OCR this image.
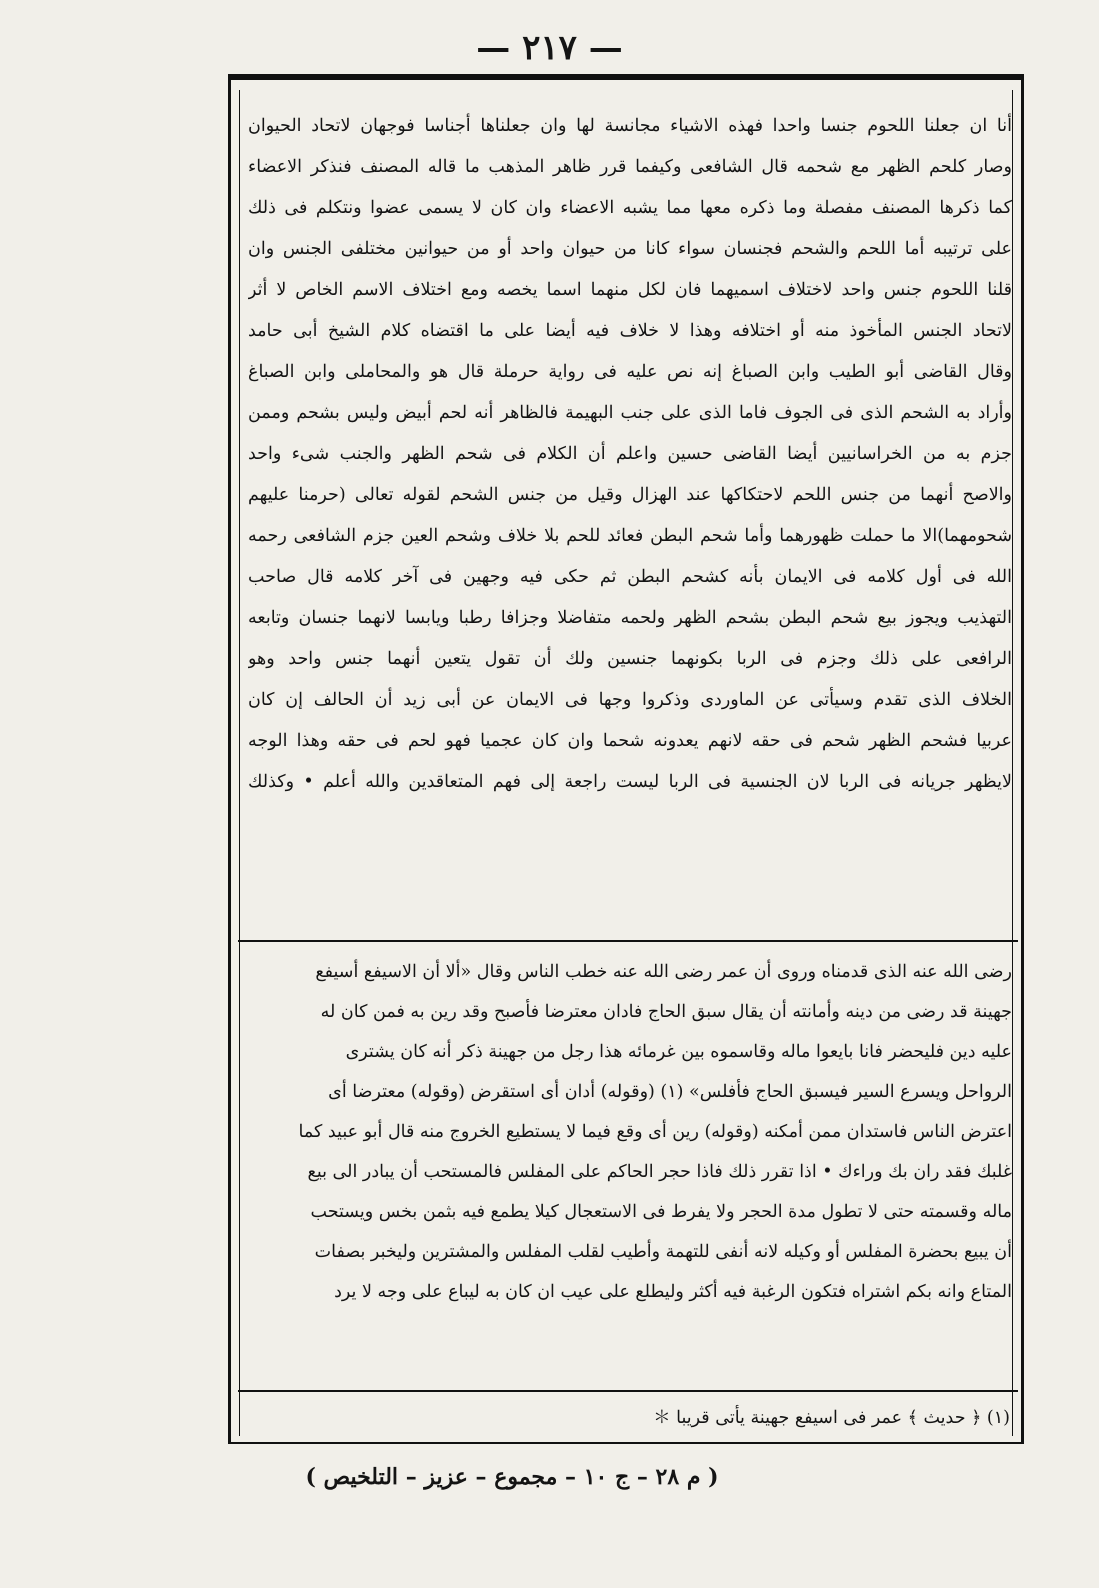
— ٢١٧ —
أنا ان جعلنا اللحوم جنسا واحدا فهذه الاشياء مجانسة لها وان جعلناها أجناسا فوجهان لاتحاد الحيوان
وصار كلحم الظهر مع شحمه قال الشافعى وكيفما قرر ظاهر المذهب ما قاله المصنف فنذكر الاعضاء
كما ذكرها المصنف مفصلة وما ذكره معها مما يشبه الاعضاء وان كان لا يسمى عضوا ونتكلم فى ذلك
على ترتيبه أما اللحم والشحم فجنسان سواء كانا من حيوان واحد أو من حيوانين مختلفى الجنس وان
قلنا اللحوم جنس واحد لاختلاف اسميهما فان لكل منهما اسما يخصه ومع اختلاف الاسم الخاص لا أثر
لاتحاد الجنس المأخوذ منه أو اختلافه وهذا لا خلاف فيه أيضا على ما اقتضاه كلام الشيخ أبى حامد
وقال القاضى أبو الطيب وابن الصباغ إنه نص عليه فى رواية حرملة قال هو والمحاملى وابن الصباغ
وأراد به الشحم الذى فى الجوف فاما الذى على جنب البهيمة فالظاهر أنه لحم أبيض وليس بشحم وممن
جزم به من الخراسانيين أيضا القاضى حسين واعلم أن الكلام فى شحم الظهر والجنب شىء واحد
والاصح أنهما من جنس اللحم لاحتكاكها عند الهزال وقيل من جنس الشحم لقوله تعالى (حرمنا عليهم
شحومهما)الا ما حملت ظهورهما وأما شحم البطن فعائد للحم بلا خلاف وشحم العين جزم الشافعى رحمه
الله فى أول كلامه فى الايمان بأنه كشحم البطن ثم حكى فيه وجهين فى آخر كلامه قال صاحب
التهذيب ويجوز بيع شحم البطن بشحم الظهر ولحمه متفاضلا وجزافا رطبا ويابسا لانهما جنسان وتابعه
الرافعى على ذلك وجزم فى الربا بكونهما جنسين ولك أن تقول يتعين أنهما جنس واحد وهو
الخلاف الذى تقدم وسيأتى عن الماوردى وذكروا وجها فى الايمان عن أبى زيد أن الحالف إن كان
عربيا فشحم الظهر شحم فى حقه لانهم يعدونه شحما وان كان عجميا فهو لحم فى حقه وهذا الوجه
لايظهر جريانه فى الربا لان الجنسية فى الربا ليست راجعة إلى فهم المتعاقدين والله أعلم • وكذلك
رضى الله عنه الذى قدمناه وروى أن عمر رضى الله عنه خطب الناس وقال «ألا أن الاسيفع أسيفع
جهينة قد رضى من دينه وأمانته أن يقال سبق الحاج فادان معترضا فأصبح وقد رين به فمن كان له
عليه دين فليحضر فانا بايعوا ماله وقاسموه بين غرمائه هذا رجل من جهينة ذكر أنه كان يشترى
الرواحل ويسرع السير فيسبق الحاج فأفلس» (١) (وقوله) أدان أى استقرض (وقوله) معترضا أى
اعترض الناس فاستدان ممن أمكنه (وقوله) رين أى وقع فيما لا يستطيع الخروج منه قال أبو عبيد كما
غلبك فقد ران بك وراءك • اذا تقرر ذلك فاذا حجر الحاكم على المفلس فالمستحب أن يبادر الى بيع
ماله وقسمته حتى لا تطول مدة الحجر ولا يفرط فى الاستعجال كيلا يطمع فيه بثمن بخس ويستحب
أن يبيع بحضرة المفلس أو وكيله لانه أنفى للتهمة وأطيب لقلب المفلس والمشترين وليخبر بصفات
المتاع وانه بكم اشتراه فتكون الرغبة فيه أكثر وليطلع على عيب ان كان به ليباع على وجه لا يرد
(١) ﴿ حديث ﴾ عمر فى اسيفع جهينة يأتى قريبا ＊
( م ٢٨ – ج ١٠ – مجموع – عزيز – التلخيص )
